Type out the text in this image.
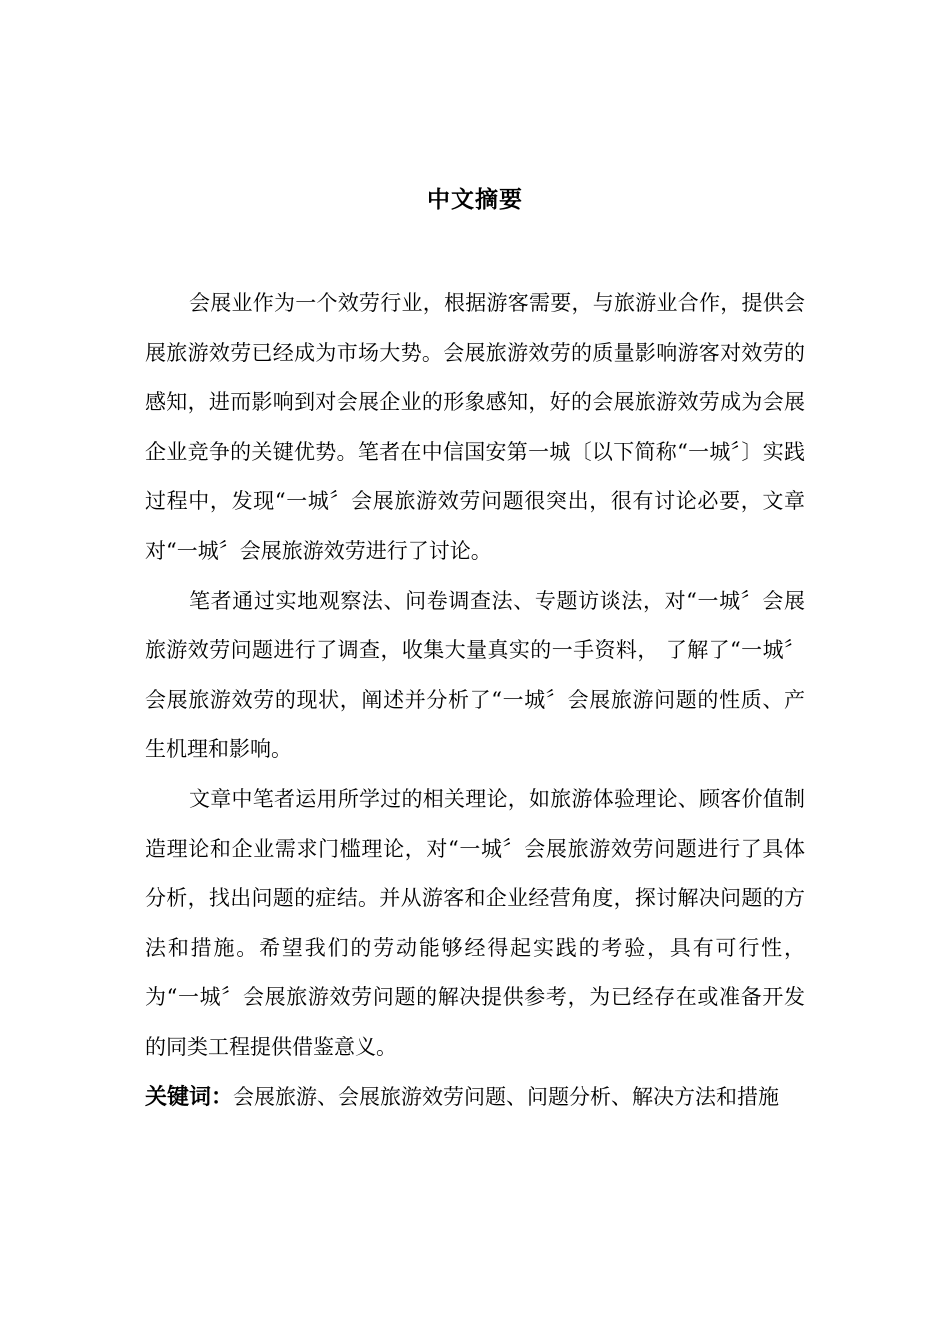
中文摘要

会展业作为一个效劳行业，根据游客需要，与旅游业合作，提供会展旅游效劳已经成为市场大势。会展旅游效劳的质量影响游客对效劳的感知，进而影响到对会展企业的形象感知，好的会展旅游效劳成为会展企业竞争的关键优势。笔者在中信国安第一城〔以下简称“一城〞〕实践过程中，发现“一城〞会展旅游效劳问题很突出，很有讨论必要，文章对“一城〞会展旅游效劳进行了讨论。

笔者通过实地观察法、问卷调查法、专题访谈法，对“一城〞会展旅游效劳问题进行了调查，收集大量真实的一手资料， 了解了“一城〞会展旅游效劳的现状，阐述并分析了“一城〞会展旅游问题的性质、产生机理和影响。

文章中笔者运用所学过的相关理论，如旅游体验理论、顾客价值制造理论和企业需求门槛理论，对“一城〞会展旅游效劳问题进行了具体分析，找出问题的症结。并从游客和企业经营角度，探讨解决问题的方法和措施。希望我们的劳动能够经得起实践的考验，具有可行性，为“一城〞会展旅游效劳问题的解决提供参考，为已经存在或准备开发的同类工程提供借鉴意义。

关键词：会展旅游、会展旅游效劳问题、问题分析、解决方法和措施
